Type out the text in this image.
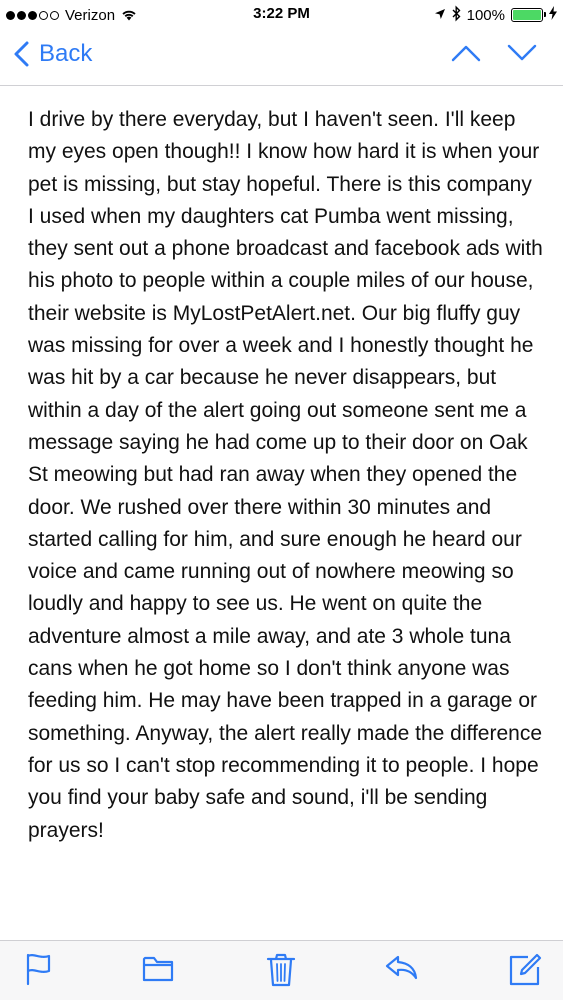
Verizon	3:22 PM	100%
Back
I drive by there everyday, but I haven't seen. I'll keep my eyes open though!! I know how hard it is when your pet is missing, but stay hopeful. There is this company I used when my daughters cat Pumba went missing, they sent out a phone broadcast and facebook ads with his photo to people within a couple miles of our house, their website is MyLostPetAlert.net. Our big fluffy guy was missing for over a week and I honestly thought he was hit by a car because he never disappears, but within a day of the alert going out someone sent me a message saying he had come up to their door on Oak St meowing but had ran away when they opened the door. We rushed over there within 30 minutes and started calling for him, and sure enough he heard our voice and came running out of nowhere meowing so loudly and happy to see us. He went on quite the adventure almost a mile away, and ate 3 whole tuna cans when he got home so I don't think anyone was feeding him. He may have been trapped in a garage or something. Anyway, the alert really made the difference for us so I can't stop recommending it to people. I hope you find your baby safe and sound, i'll be sending prayers!
